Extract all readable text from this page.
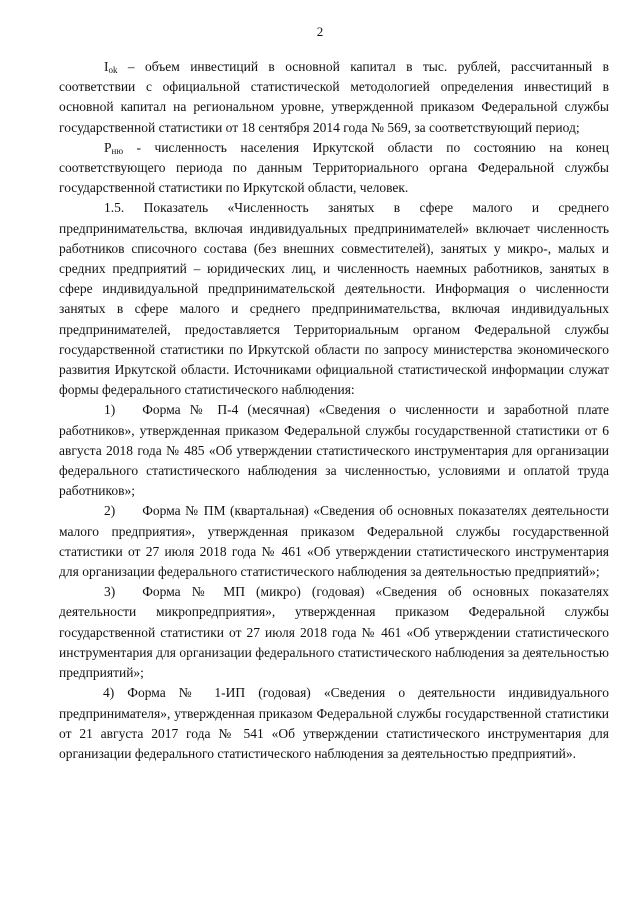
2

$I_{ok}$ – объем инвестиций в основной капитал в тыс. рублей, рассчитанный в соответствии с официальной статистической методологией определения инвестиций в основной капитал на региональном уровне, утвержденной приказом Федеральной службы государственной статистики от 18 сентября 2014 года № 569, за соответствующий период;

$P_{ню}$ - численность населения Иркутской области по состоянию на конец соответствующего периода по данным Территориального органа Федеральной службы государственной статистики по Иркутской области, человек.

1.5. Показатель «Численность занятых в сфере малого и среднего предпринимательства, включая индивидуальных предпринимателей» включает численность работников списочного состава (без внешних совместителей), занятых у микро-, малых и средних предприятий – юридических лиц, и численность наемных работников, занятых в сфере индивидуальной предпринимательской деятельности. Информация о численности занятых в сфере малого и среднего предпринимательства, включая индивидуальных предпринимателей, предоставляется Территориальным органом Федеральной службы государственной статистики по Иркутской области по запросу министерства экономического развития Иркутской области. Источниками официальной статистической информации служат формы федерального статистического наблюдения:

1)  Форма № П-4 (месячная) «Сведения о численности и заработной плате работников», утвержденная приказом Федеральной службы государственной статистики от 6 августа 2018 года № 485 «Об утверждении статистического инструментария для организации федерального статистического наблюдения за численностью, условиями и оплатой труда работников»;

2)  Форма № ПМ (квартальная) «Сведения об основных показателях деятельности малого предприятия», утвержденная приказом Федеральной службы государственной статистики от 27 июля 2018 года № 461 «Об утверждении статистического инструментария для организации федерального статистического наблюдения за деятельностью предприятий»;

3)  Форма № МП (микро) (годовая) «Сведения об основных показателях деятельности микропредприятия», утвержденная приказом Федеральной службы государственной статистики от 27 июля 2018 года № 461 «Об утверждении статистического инструментария для организации федерального статистического наблюдения за деятельностью предприятий»;

4) Форма № 1-ИП (годовая) «Сведения о деятельности индивидуального предпринимателя», утвержденная приказом Федеральной службы государственной статистики от 21 августа 2017 года № 541 «Об утверждении статистического инструментария для организации федерального статистического наблюдения за деятельностью предприятий».
